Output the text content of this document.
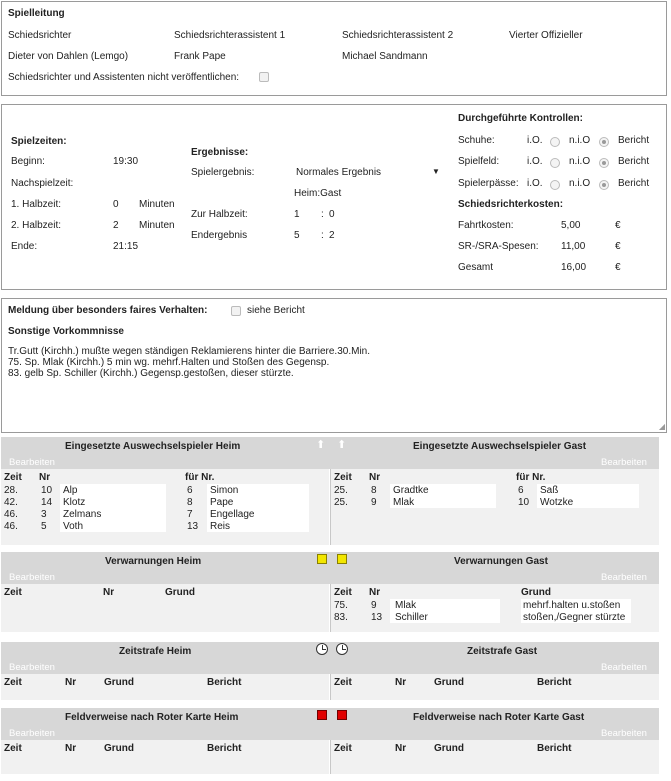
Spielleitung
Schiedsrichter	Schiedsrichterassistent 1	Schiedsrichterassistent 2	Vierter Offizieller
Dieter von Dahlen (Lemgo)	Frank Pape	Michael Sandmann
Schiedsrichter und Assistenten nicht veröffentlichen:
Spielzeiten:
Beginn:	19:30
Nachspielzeit:
1. Halbzeit:	0 Minuten
2. Halbzeit:	2 Minuten
Ende:	21:15
Ergebnisse:
Spielergebnis:	Normales Ergebnis	▼
Heim:Gast
Zur Halbzeit:	1 : 0
Endergebnis	5 : 2
Durchgeführte Kontrollen:
Schuhe:	i.O.	n.i.O	Bericht
Spielfeld:	i.O.	n.i.O	Bericht
Spielerpässe: i.O.	n.i.O	Bericht
Schiedsrichterkosten:
Fahrtkosten:	5,00	€
SR-/SRA-Spesen: 11,00	€
Gesamt	16,00	€
Meldung über besonders faires Verhalten:	siehe Bericht
Sonstige Vorkommnisse
Tr.Gutt (Kirchh.) mußte wegen ständigen Reklamierens hinter die Barriere.30.Min.
75. Sp. Mlak (Kirchh.) 5 min wg. mehrf.Halten und Stoßen des Gegensp.
83. gelb Sp. Schiller (Kirchh.) Gegensp.gestoßen, dieser stürzte.
◢
Eingesetzte Auswechselspieler Heim	Eingesetzte Auswechselspieler Gast
Bearbeiten	Bearbeiten
⬆ ⬆
Zeit Nr	für Nr.
28. 10 Alp	6 Simon
42. 14 Klotz	8 Pape
46. 3 Zelmans	7 Engellage
46. 5 Voth	13 Reis
Zeit Nr	für Nr.
25. 8 Gradtke	6 Saß
25. 9 Mlak	10 Wotzke
Verwarnungen Heim	Verwarnungen Gast
Bearbeiten	Bearbeiten
Zeit	Nr	Grund	Zeit Nr	Grund
75. 9 Mlak	mehrf.halten u.stoßen
83. 13 Schiller	stoßen,/Gegner stürzte
Zeitstrafe Heim	Zeitstrafe Gast
Bearbeiten	Bearbeiten
Zeit	Nr	Grund	Bericht	Zeit	Nr	Grund	Bericht
Feldverweise nach Roter Karte Heim	Feldverweise nach Roter Karte Gast
Bearbeiten	Bearbeiten
Zeit	Nr	Grund	Bericht	Zeit	Nr	Grund	Bericht
